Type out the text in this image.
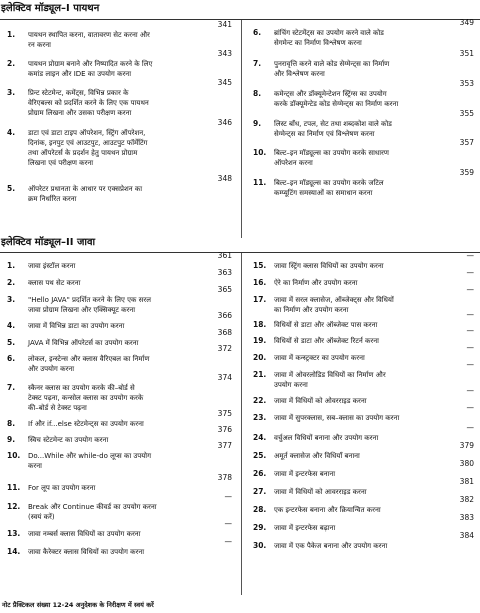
इलेक्टिव मॉड्यूल–I पायथन
1.	पायथन स्थापित करना, वातावरण सेट करना और
रन करना
341
2.	पायथन प्रोग्राम बनाने और निष्पादित करने के लिए
कमांड लाइन और IDE का उपयोग करना
343
3.	प्रिन्ट स्टेटमेन्ट, कमेंट्स, विभिन्न प्रकार के
वेरिएबल्स को प्रदर्शित करने के लिए एक पायथन
प्रोग्राम लिखना और उसका परीक्षण करना
345
4.	डाटा एवं डाटा टाइप ऑपरेशन, स्ट्रिंग ऑपरेशन,
दिनांक, इनपुट एवं आउटपुट, आउटपुट फॉर्मेटिंग
तथा ऑपरेटर्स के प्रदर्शन हेतु पायथन प्रोग्राम
लिखना एवं परीक्षण करना
346
5.	ऑपरेटर प्रधानता के आधार पर एक्सप्रेशन का
क्रम निर्धारित करना
348
6.	ब्रांचिंग स्टेटमेंट्स का उपयोग करने वाले कोड
सेगमेन्ट का निर्माण विश्लेषण करना
349
7.	पुनरावृत्ति करने वाले कोड सेग्मेन्ट्स का निर्माण
और विश्लेषण करना
351
8.	कमेन्ट्स और डॉक्यूमेन्टेशन स्ट्रिंग्स का उपयोग
करके डॉक्यूमेन्टेड कोड सेग्मेन्ट्स का निर्माण करना
353
9.	लिस्ट बाँध, टपल, सेट तथा शब्दकोश वाले कोड
सेग्मेन्ट्स का निर्माण एवं विश्लेषण करना
355
10.	बिल्ट–इन मॉड्यूल्स का उपयोग करके साधारण
ऑपरेशन करना
357
11.	बिल्ट–इन मॉड्यूल्स का उपयोग करके जटिल
कम्प्यूटिंग समस्याओं का समाधान करना
359
इलेक्टिव मॉड्यूल–II जावा
1.	जावा इंस्टॉल करना
361
2.	क्लास पथ सेट करना
363
3.	"Hello JAVA" प्रदर्शित करने के लिए एक सरल
जावा प्रोग्राम लिखना और एक्सिक्यूट करना
365
4.	जावा में विभिन्न डाटा का उपयोग करना
366
5.	JAVA में विभिन्न ऑपरेटर्स का उपयोग करना
368
6.	लोकल, इन्स्टेन्स और क्लास वैरिएबल का निर्माण
और उपयोग करना
372
7.	स्कैनर क्लास का उपयोग करके की–बोर्ड से
टेक्स्ट पढ़ना, कन्सोल क्लास का उपयोग करके
की–बोर्ड से टेक्स्ट पढ़ना
374
8.	If और if...else स्टेटमेन्ट्स का उपयोग करना
375
9.	स्विच स्टेटमेन्ट का उपयोग करना
376
10.	Do...While और while-do लूप्स का उपयोग
करना
377
11.	For लूप का उपयोग करना
378
12.	Break और Continue कीवर्ड का उपयोग करना
(स्वयं करें)
—
13.	जावा नम्बर्स क्लास विधियों का उपयोग करना
—
14.	जावा कैरेक्टर क्लास विधियों का उपयोग करना
—
15.	जावा स्ट्रिंग क्लास विधियों का उपयोग करना
—
16.	ऐरे का निर्माण और उपयोग करना
—
17.	जावा में सरल क्लासेज, ऑब्जेक्ट्स और विधियों
का निर्माण और उपयोग करना
—
18.	विधियों से डाटा और ऑब्जेक्ट पास करना
—
19.	विधियों से डाटा और ऑब्जेक्ट रिटर्न करना
—
20.	जावा में कन्स्ट्रक्टर का उपयोग करना
—
21.	जावा में ओवरलोडिड विधियों का निर्माण और
उपयोग करना
—
22.	जावा में विधियों को ओवरराइड करना
—
23.	जावा में सुपरक्लास, सब–क्लास का उपयोग करना
—
24.	वर्चुअल विधियों बनाना और उपयोग करना
—
25.	अमूर्त क्लासेज और विधियाँ बनाना
379
26.	जावा में इन्टरफेस बनाना
380
27.	जावा में विधियों को आवरराइड करना
381
28.	एक इन्टरफेस बनाना और क्रियान्वित करना
382
29.	जावा में इन्टरफेस बढ़ाना
383
30.	जावा में एक पैकेज बनाना और उपयोग करना
384
नोट प्रैक्टिकल संख्या 12-24 अनुदेशक के निरीक्षण में स्वयं करें
